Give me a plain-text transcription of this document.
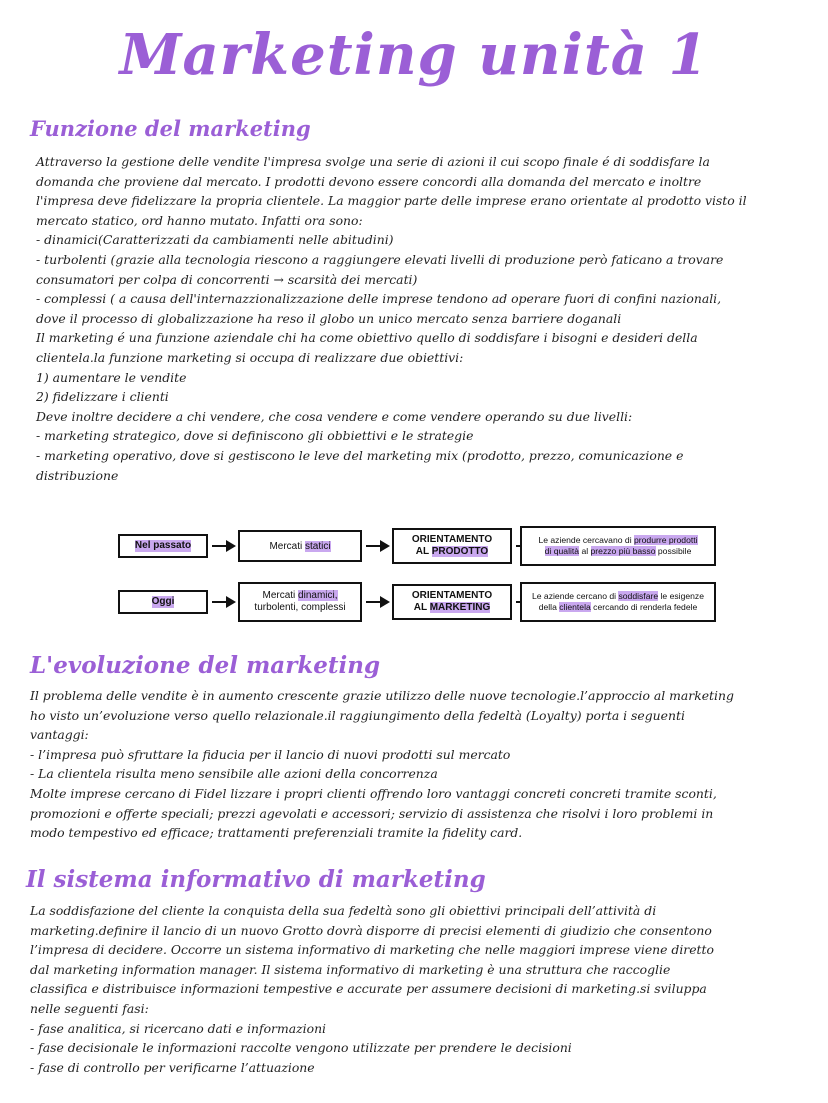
Marketing unità 1
Funzione del marketing
Attraverso la gestione delle vendite l'impresa svolge una serie di azioni il cui scopo finale é di soddisfare la
domanda che proviene dal mercato. I prodotti devono essere concordi alla domanda del mercato e inoltre
l'impresa deve fidelizzare la propria clientele. La maggior parte delle imprese erano orientate al prodotto visto il
mercato statico, ord hanno mutato. Infatti ora sono:
- dinamici(Caratterizzati da cambiamenti nelle abitudini)
- turbolenti (grazie alla tecnologia riescono a raggiungere elevati livelli di produzione però faticano a trovare
consumatori per colpa di concorrenti → scarsità dei mercati)
- complessi ( a causa dell'internazzionalizzazione delle imprese tendono ad operare fuori di confini nazionali,
dove il processo di globalizzazione ha reso il globo un unico mercato senza barriere doganali
Il marketing é una funzione aziendale chi ha come obiettivo quello di soddisfare i bisogni e desideri della
clientela.la funzione marketing si occupa di realizzare due obiettivi:
1) aumentare le vendite
2) fidelizzare i clienti
Deve inoltre decidere a chi vendere, che cosa vendere e come vendere operando su due livelli:
- marketing strategico, dove si definiscono gli obbiettivi e le strategie
- marketing operativo, dove si gestiscono le leve del marketing mix (prodotto, prezzo, comunicazione e
distribuzione
Nel passato	Mercati statici
ORIENTAMENTO
AL PRODOTTO
Le aziende cercavano di produrre prodotti
di qualità al prezzo più basso possibile
Oggi
Mercati dinamici,
turbolenti, complessi
ORIENTAMENTO
AL MARKETING
Le aziende cercano di soddisfare le esigenze
della clientela cercando di renderla fedele
L'evoluzione del marketing
Il problema delle vendite è in aumento crescente grazie utilizzo delle nuove tecnologie.l’approccio al marketing
ho visto un’evoluzione verso quello relazionale.il raggiungimento della fedeltà (Loyalty) porta i seguenti
vantaggi:
- l’impresa può sfruttare la fiducia per il lancio di nuovi prodotti sul mercato
- La clientela risulta meno sensibile alle azioni della concorrenza
Molte imprese cercano di Fidel lizzare i propri clienti offrendo loro vantaggi concreti concreti tramite sconti,
promozioni e offerte speciali; prezzi agevolati e accessori; servizio di assistenza che risolvi i loro problemi in
modo tempestivo ed efficace; trattamenti preferenziali tramite la fidelity card.
Il sistema informativo di marketing
La soddisfazione del cliente la conquista della sua fedeltà sono gli obiettivi principali dell’attività di
marketing.definire il lancio di un nuovo Grotto dovrà disporre di precisi elementi di giudizio che consentono
l’impresa di decidere. Occorre un sistema informativo di marketing che nelle maggiori imprese viene diretto
dal marketing information manager. Il sistema informativo di marketing è una struttura che raccoglie
classifica e distribuisce informazioni tempestive e accurate per assumere decisioni di marketing.si sviluppa
nelle seguenti fasi:
- fase analitica, si ricercano dati e informazioni
- fase decisionale le informazioni raccolte vengono utilizzate per prendere le decisioni
- fase di controllo per verificarne l’attuazione
